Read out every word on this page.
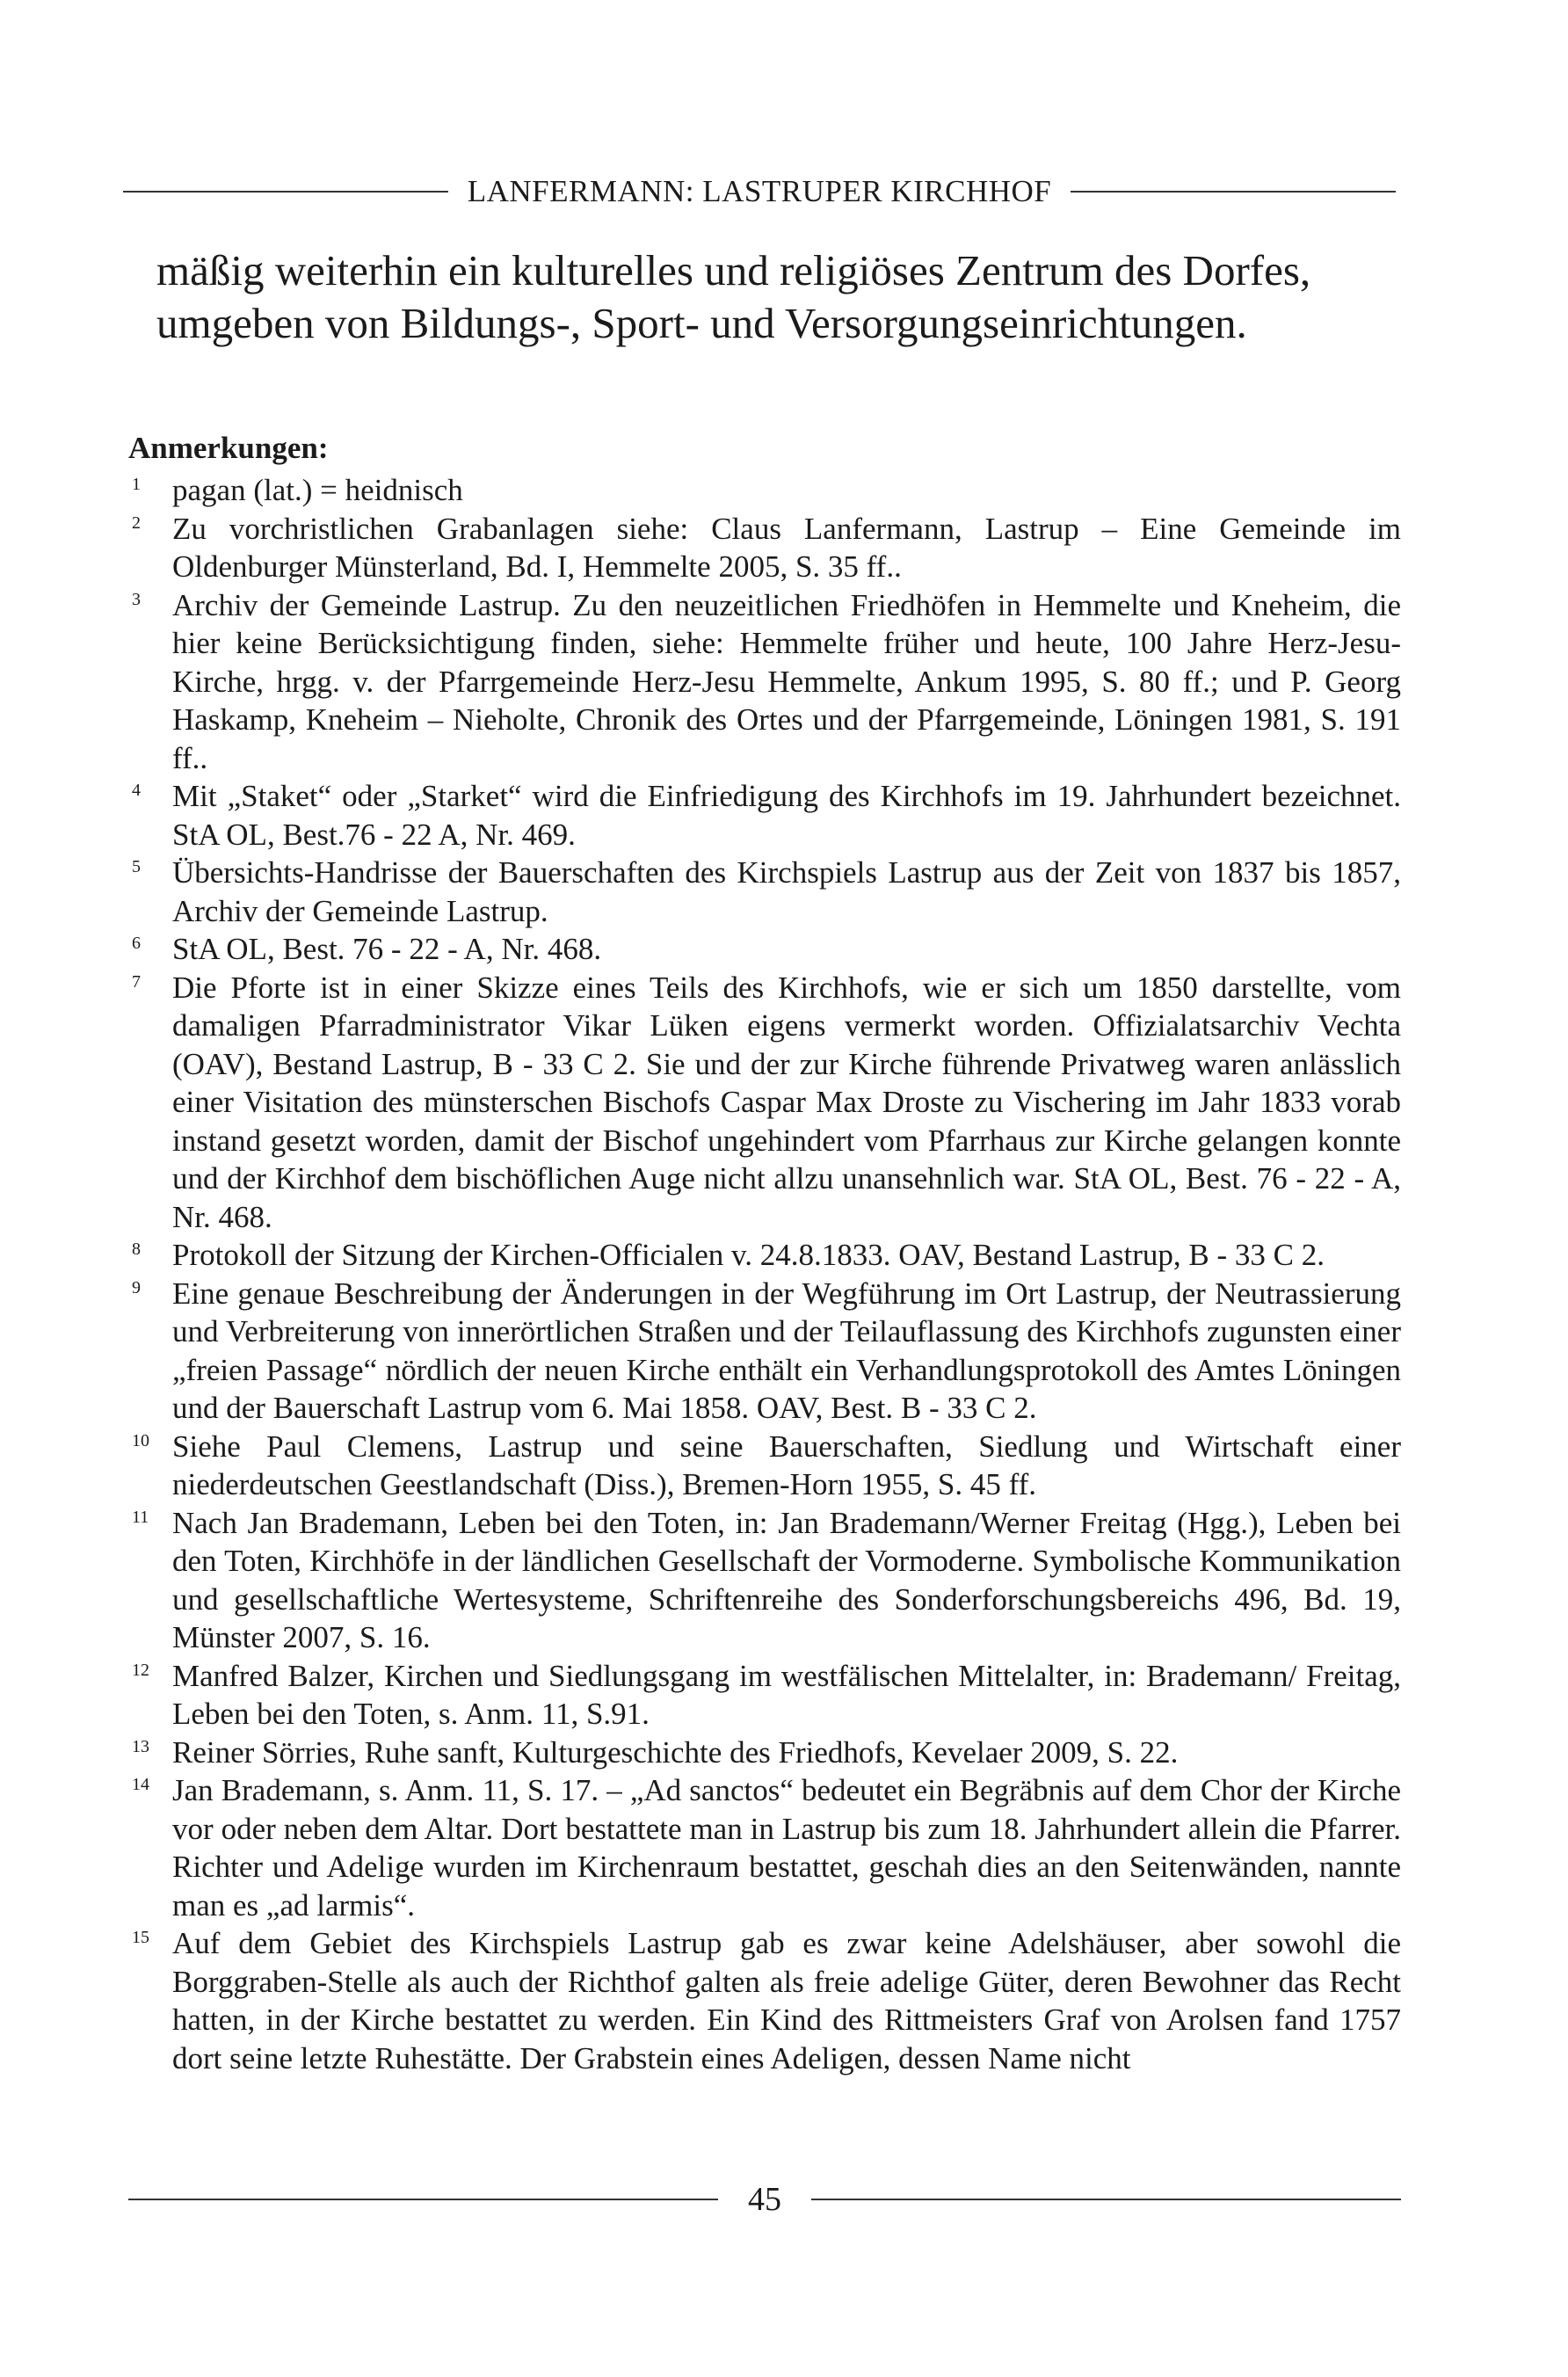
LANFERMANN: LASTRUPER KIRCHHOF
mäßig weiterhin ein kulturelles und religiöses Zentrum des Dorfes, umgeben von Bildungs-, Sport- und Versorgungseinrichtungen.
Anmerkungen:
1	pagan (lat.) = heidnisch
2	Zu vorchristlichen Grabanlagen siehe: Claus Lanfermann, Lastrup – Eine Gemeinde im Oldenburger Münsterland, Bd. I, Hemmelte 2005, S. 35 ff..
3	Archiv der Gemeinde Lastrup. Zu den neuzeitlichen Friedhöfen in Hemmelte und Kneheim, die hier keine Berücksichtigung finden, siehe: Hemmelte früher und heute, 100 Jahre Herz-Jesu-Kirche, hrgg. v. der Pfarrgemeinde Herz-Jesu Hemmelte, Ankum 1995, S. 80 ff.; und P. Georg Haskamp, Kneheim – Nieholte, Chronik des Ortes und der Pfarrgemeinde, Löningen 1981, S. 191 ff..
4	Mit „Staket“ oder „Starket“ wird die Einfriedigung des Kirchhofs im 19. Jahrhundert bezeichnet. StA OL, Best.76 - 22 A, Nr. 469.
5	Übersichts-Handrisse der Bauerschaften des Kirchspiels Lastrup aus der Zeit von 1837 bis 1857, Archiv der Gemeinde Lastrup.
6	StA OL, Best. 76 - 22 - A, Nr. 468.
7	Die Pforte ist in einer Skizze eines Teils des Kirchhofs, wie er sich um 1850 darstellte, vom damaligen Pfarradministrator Vikar Lüken eigens vermerkt worden. Offizialatsarchiv Vechta (OAV), Bestand Lastrup, B - 33 C 2. Sie und der zur Kirche führende Privatweg waren anlässlich einer Visitation des münsterschen Bischofs Caspar Max Droste zu Vischering im Jahr 1833 vorab instand gesetzt worden, damit der Bischof ungehindert vom Pfarrhaus zur Kirche gelangen konnte und der Kirchhof dem bischöflichen Auge nicht allzu unansehnlich war. StA OL, Best. 76 - 22 - A, Nr. 468.
8	Protokoll der Sitzung der Kirchen-Officialen v. 24.8.1833. OAV, Bestand Lastrup, B - 33 C 2.
9	Eine genaue Beschreibung der Änderungen in der Wegführung im Ort Lastrup, der Neutrassierung und Verbreiterung von innerörtlichen Straßen und der Teilauflassung des Kirchhofs zugunsten einer „freien Passage“ nördlich der neuen Kirche enthält ein Verhandlungsprotokoll des Amtes Löningen und der Bauerschaft Lastrup vom 6. Mai 1858. OAV, Best. B - 33 C 2.
10 Siehe Paul Clemens, Lastrup und seine Bauerschaften, Siedlung und Wirtschaft einer niederdeutschen Geestlandschaft (Diss.), Bremen-Horn 1955, S. 45 ff.
11 Nach Jan Brademann, Leben bei den Toten, in: Jan Brademann/Werner Freitag (Hgg.), Leben bei den Toten, Kirchhöfe in der ländlichen Gesellschaft der Vormoderne. Symbolische Kommunikation und gesellschaftliche Wertesysteme, Schriftenreihe des Sonderforschungsbereichs 496, Bd. 19, Münster 2007, S. 16.
12 Manfred Balzer, Kirchen und Siedlungsgang im westfälischen Mittelalter, in: Brademann/ Freitag, Leben bei den Toten, s. Anm. 11, S.91.
13 Reiner Sörries, Ruhe sanft, Kulturgeschichte des Friedhofs, Kevelaer 2009, S. 22.
14 Jan Brademann, s. Anm. 11, S. 17. – „Ad sanctos“ bedeutet ein Begräbnis auf dem Chor der Kirche vor oder neben dem Altar. Dort bestattete man in Lastrup bis zum 18. Jahrhundert allein die Pfarrer. Richter und Adelige wurden im Kirchenraum bestattet, geschah dies an den Seitenwänden, nannte man es „ad larmis“.
15 Auf dem Gebiet des Kirchspiels Lastrup gab es zwar keine Adelshäuser, aber sowohl die Borggraben-Stelle als auch der Richthof galten als freie adelige Güter, deren Bewohner das Recht hatten, in der Kirche bestattet zu werden. Ein Kind des Rittmeisters Graf von Arolsen fand 1757 dort seine letzte Ruhestätte. Der Grabstein eines Adeligen, dessen Name nicht
45
